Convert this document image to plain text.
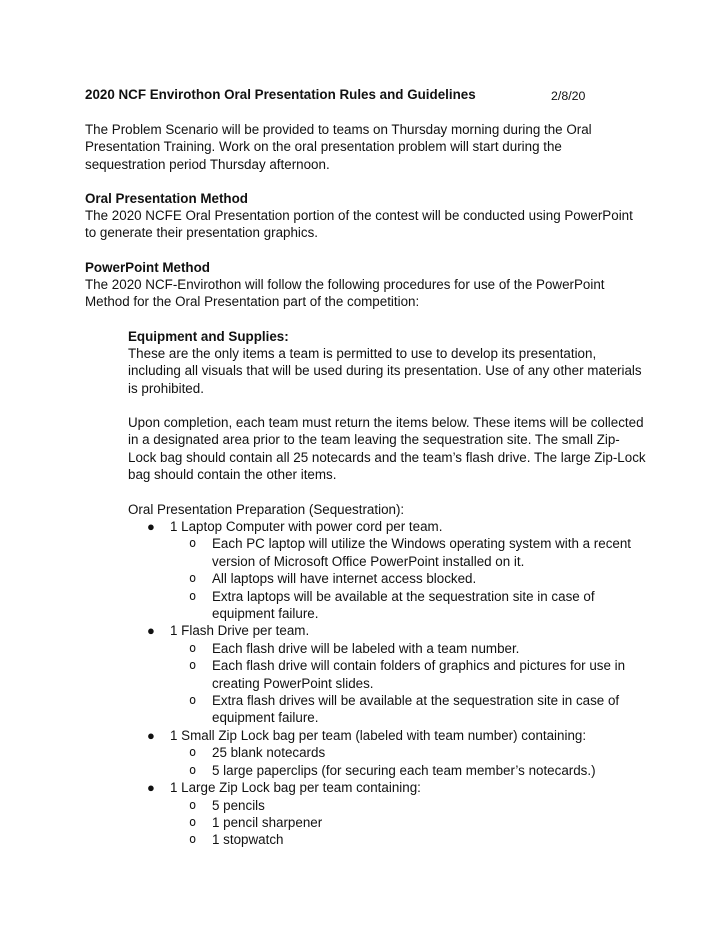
2020 NCF Envirothon Oral Presentation Rules and Guidelines	2/8/20

The Problem Scenario will be provided to teams on Thursday morning during the Oral Presentation Training. Work on the oral presentation problem will start during the sequestration period Thursday afternoon.

Oral Presentation Method

The 2020 NCFE Oral Presentation portion of the contest will be conducted using PowerPoint to generate their presentation graphics.

PowerPoint Method

The 2020 NCF-Envirothon will follow the following procedures for use of the PowerPoint Method for the Oral Presentation part of the competition:

Equipment and Supplies:

These are the only items a team is permitted to use to develop its presentation, including all visuals that will be used during its presentation. Use of any other materials is prohibited.

Upon completion, each team must return the items below. These items will be collected in a designated area prior to the team leaving the sequestration site. The small Zip-Lock bag should contain all 25 notecards and the team’s flash drive. The large Zip-Lock bag should contain the other items.

Oral Presentation Preparation (Sequestration):

● 1 Laptop Computer with power cord per team.
o Each PC laptop will utilize the Windows operating system with a recent version of Microsoft Office PowerPoint installed on it.
o All laptops will have internet access blocked.
o Extra laptops will be available at the sequestration site in case of equipment failure.
● 1 Flash Drive per team.
o Each flash drive will be labeled with a team number.
o Each flash drive will contain folders of graphics and pictures for use in creating PowerPoint slides.
o Extra flash drives will be available at the sequestration site in case of equipment failure.
● 1 Small Zip Lock bag per team (labeled with team number) containing:
o 25 blank notecards
o 5 large paperclips (for securing each team member’s notecards.)
● 1 Large Zip Lock bag per team containing:
o 5 pencils
o 1 pencil sharpener
o 1 stopwatch
